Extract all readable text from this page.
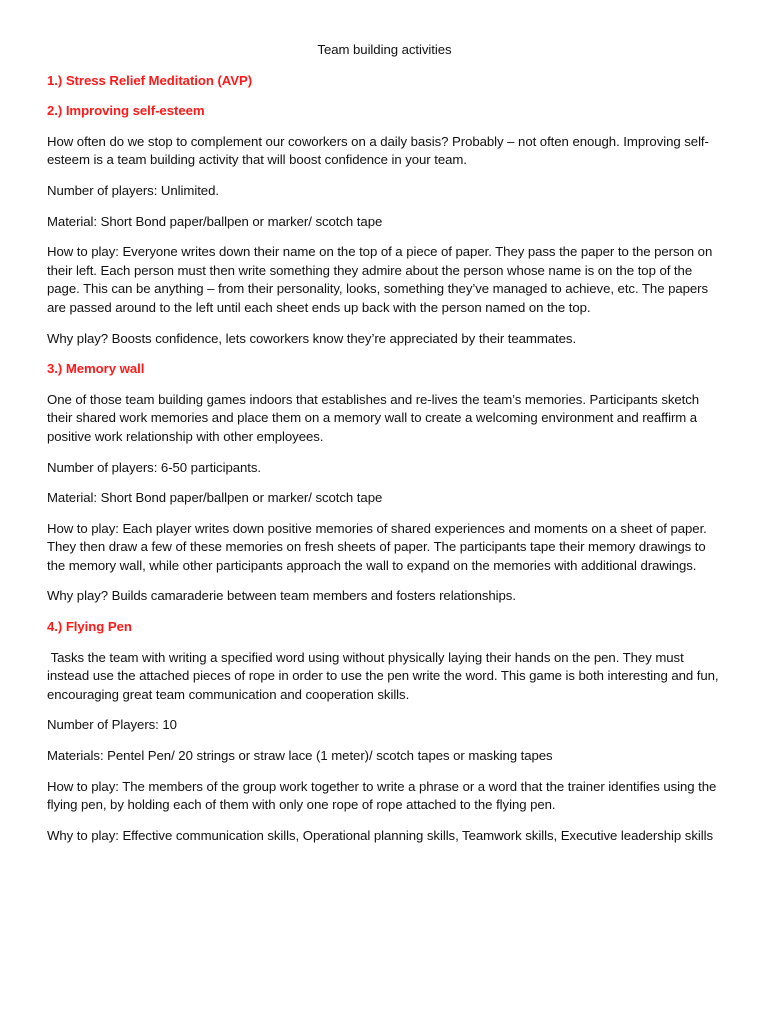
Team building activities
1.) Stress Relief Meditation (AVP)
2.) Improving self-esteem

How often do we stop to complement our coworkers on a daily basis? Probably – not often enough. Improving self-esteem is a team building activity that will boost confidence in your team.

Number of players: Unlimited.

Material: Short Bond paper/ballpen or marker/ scotch tape

How to play: Everyone writes down their name on the top of a piece of paper. They pass the paper to the person on their left. Each person must then write something they admire about the person whose name is on the top of the page. This can be anything – from their personality, looks, something they’ve managed to achieve, etc. The papers are passed around to the left until each sheet ends up back with the person named on the top.

Why play? Boosts confidence, lets coworkers know they’re appreciated by their teammates.

3.) Memory wall

One of those team building games indoors that establishes and re-lives the team’s memories. Participants sketch their shared work memories and place them on a memory wall to create a welcoming environment and reaffirm a positive work relationship with other employees.

Number of players: 6-50 participants.

Material: Short Bond paper/ballpen or marker/ scotch tape

How to play: Each player writes down positive memories of shared experiences and moments on a sheet of paper. They then draw a few of these memories on fresh sheets of paper. The participants tape their memory drawings to the memory wall, while other participants approach the wall to expand on the memories with additional drawings.

Why play? Builds camaraderie between team members and fosters relationships.

4.) Flying Pen

Tasks the team with writing a specified word using without physically laying their hands on the pen. They must instead use the attached pieces of rope in order to use the pen write the word. This game is both interesting and fun, encouraging great team communication and cooperation skills.

Number of Players: 10

Materials: Pentel Pen/ 20 strings or straw lace (1 meter)/ scotch tapes or masking tapes

How to play: The members of the group work together to write a phrase or a word that the trainer identifies using the flying pen, by holding each of them with only one rope of rope attached to the flying pen.

Why to play: Effective communication skills, Operational planning skills, Teamwork skills, Executive leadership skills
